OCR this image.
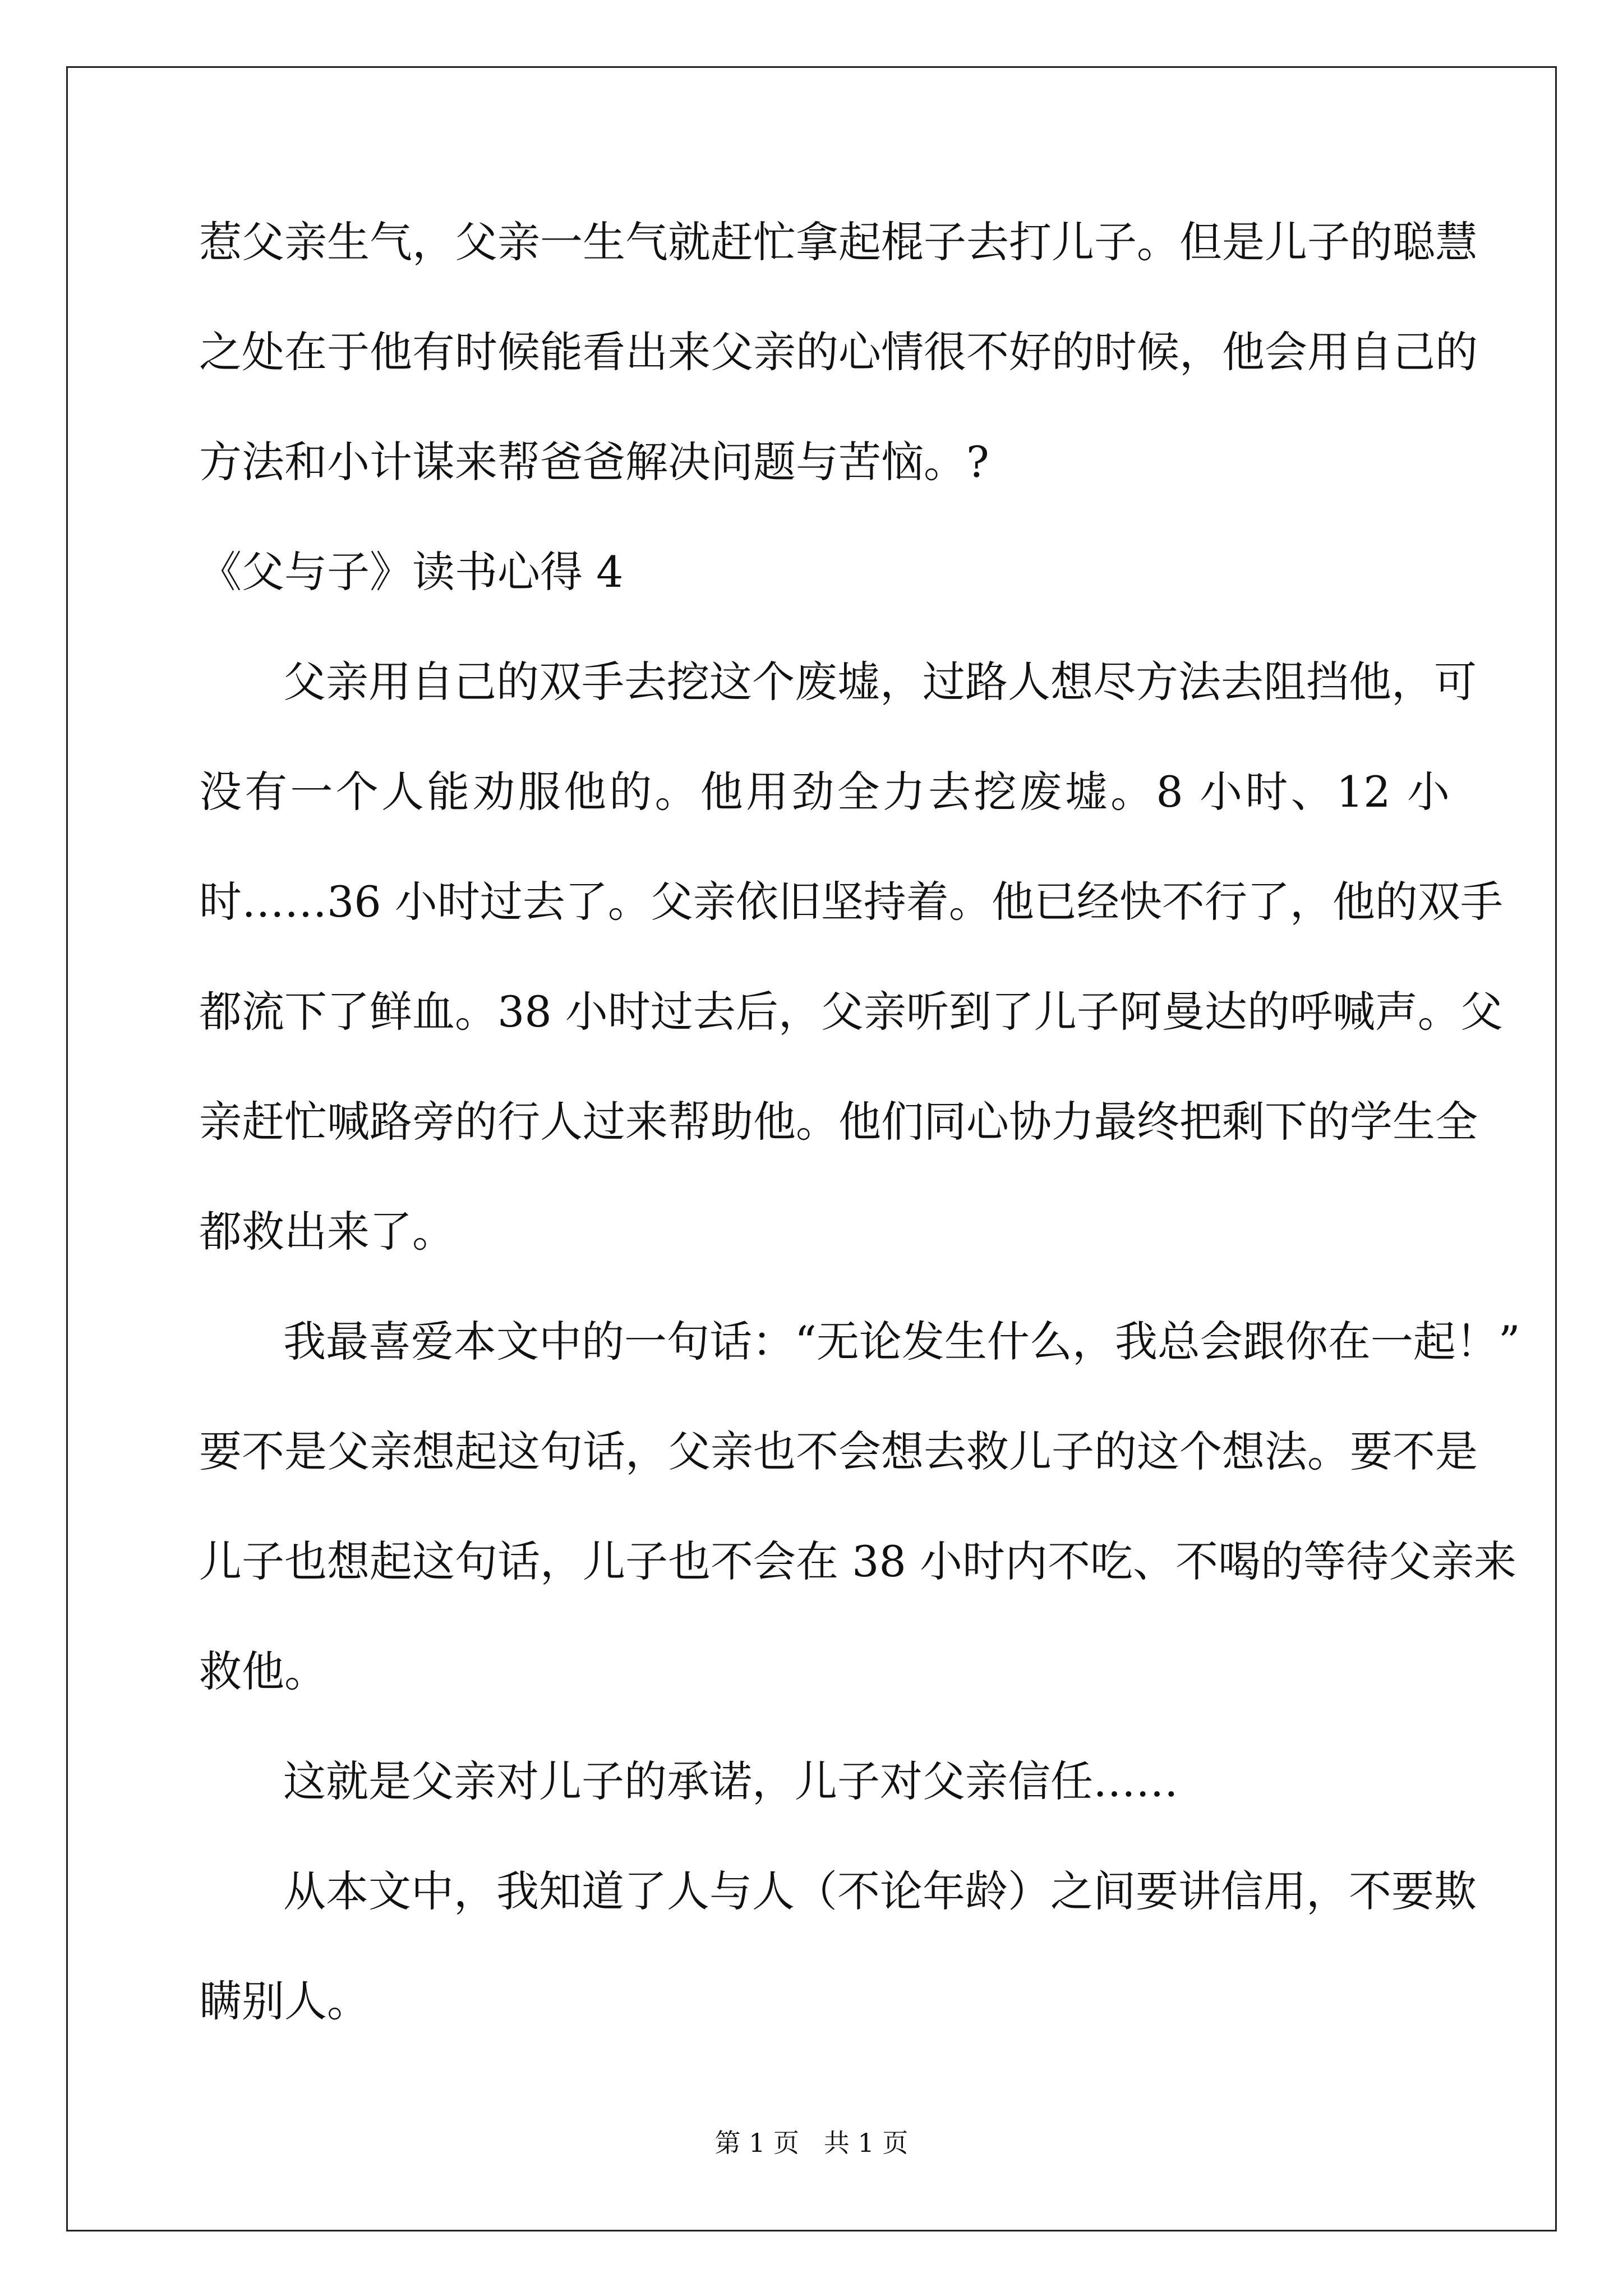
惹父亲生气，父亲一生气就赶忙拿起棍子去打儿子。但是儿子的聪慧
之处在于他有时候能看出来父亲的心情很不好的时候，他会用自己的
方法和小计谋来帮爸爸解决问题与苦恼。?
《父与子》读书心得 4
父亲用自己的双手去挖这个废墟，过路人想尽方法去阻挡他，可
没有一个人能劝服他的。他用劲全力去挖废墟。8 小时、12 小
时……36 小时过去了。父亲依旧坚持着。他已经快不行了，他的双手
都流下了鲜血。38 小时过去后，父亲听到了儿子阿曼达的呼喊声。父
亲赶忙喊路旁的行人过来帮助他。他们同心协力最终把剩下的学生全
都救出来了。
我最喜爱本文中的一句话：“无论发生什么，我总会跟你在一起！”
要不是父亲想起这句话，父亲也不会想去救儿子的这个想法。要不是
儿子也想起这句话，儿子也不会在 38 小时内不吃、不喝的等待父亲来
救他。
这就是父亲对儿子的承诺，儿子对父亲信任……
从本文中，我知道了人与人（不论年龄）之间要讲信用，不要欺
瞒别人。
第 1 页   共 1 页
